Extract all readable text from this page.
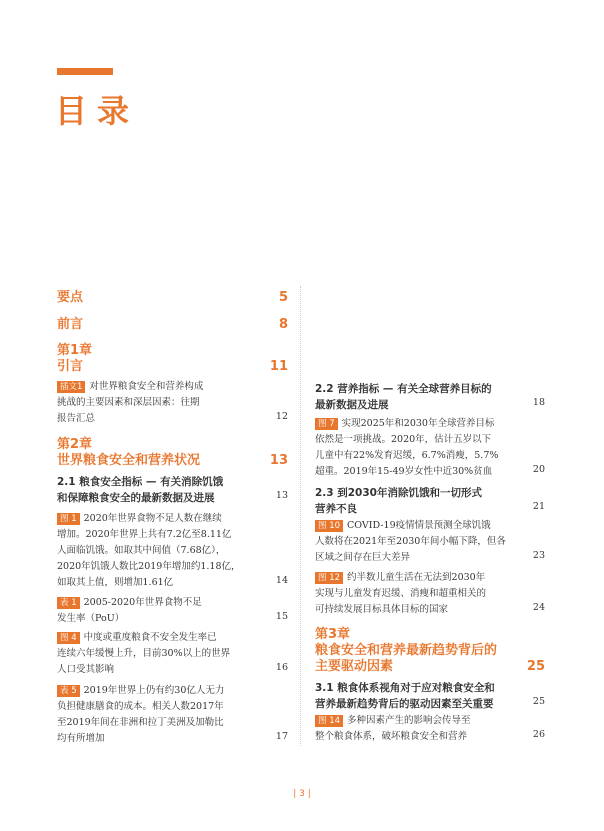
目录
要点	5
前言	8
第1章
引言	11
插文1 对世界粮食安全和营养构成
挑战的主要因素和深层因素：往期
报告汇总	12
第2章
世界粮食安全和营养状况	13
2.1 粮食安全指标 — 有关消除饥饿
和保障粮食安全的最新数据及进展	13
图 1 2020年世界食物不足人数在继续
增加。2020年世界上共有7.2亿至8.11亿
人面临饥饿。如取其中间值（7.68亿），
2020年饥饿人数比2019年增加约1.18亿，
如取其上值，则增加1.61亿	14
表 1 2005-2020年世界食物不足
发生率（PoU）	15
图 4 中度或重度粮食不安全发生率已
连续六年缓慢上升，目前30%以上的世界
人口受其影响	16
表 5 2019年世界上仍有约30亿人无力
负担健康膳食的成本。相关人数2017年
至2019年间在非洲和拉丁美洲及加勒比
均有所增加	17
2.2 营养指标 — 有关全球营养目标的
最新数据及进展	18
图 7 实现2025年和2030年全球营养目标
依然是一项挑战。2020年，估计五岁以下
儿童中有22%发育迟缓，6.7%消瘦，5.7%
超重。2019年15-49岁女性中近30%贫血	20
2.3 到2030年消除饥饿和一切形式
营养不良	21
图 10 COVID-19疫情情景预测全球饥饿
人数将在2021年至2030年间小幅下降，但各
区域之间存在巨大差异	23
图 12 约半数儿童生活在无法到2030年
实现与儿童发育迟缓、消瘦和超重相关的
可持续发展目标具体目标的国家	24
第3章
粮食安全和营养最新趋势背后的
主要驱动因素	25
3.1 粮食体系视角对于应对粮食安全和
营养最新趋势背后的驱动因素至关重要	25
图 14 多种因素产生的影响会传导至
整个粮食体系，破坏粮食安全和营养	26
| 3 |
